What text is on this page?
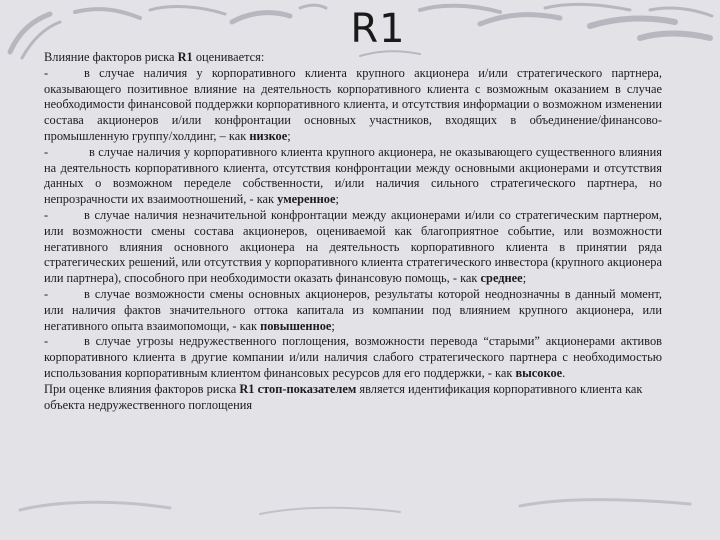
R1

Влияние факторов риска R1 оценивается:

-	в случае наличия у корпоративного клиента крупного акционера и/или стратегического партнера, оказывающего позитивное влияние на деятельность корпоративного клиента с возможным оказанием в случае необходимости финансовой поддержки корпоративного клиента, и отсутствия информации о возможном изменении состава акционеров и/или конфронтации основных участников, входящих в объединение/финансово-промышленную группу/холдинг, – как низкое;

-	в случае наличия у корпоративного клиента крупного акционера, не оказывающего существенного влияния на деятельность корпоративного клиента, отсутствия конфронтации между основными акционерами и отсутствия данных о возможном переделе собственности, и/или наличия сильного стратегического партнера, но непрозрачности их взаимоотношений, - как умеренное;

-	в случае наличия незначительной конфронтации между акционерами и/или со стратегическим партнером, или возможности смены состава акционеров, оцениваемой как благоприятное событие, или возможности негативного влияния основного акционера на деятельность корпоративного клиента в принятии ряда стратегических решений, или отсутствия у корпоративного клиента стратегического инвестора (крупного акционера или партнера), способного при необходимости оказать финансовую помощь, - как среднее;

-	в случае возможности смены основных акционеров, результаты которой неоднозначны в данный момент, или наличия фактов значительного оттока капитала из компании под влиянием крупного акционера, или негативного опыта взаимопомощи, - как повышенное;

-	в случае угрозы недружественного поглощения, возможности перевода “старыми” акционерами активов корпоративного клиента в другие компании и/или наличия слабого стратегического партнера с необходимостью использования корпоративным клиентом финансовых ресурсов для его поддержки, - как высокое.

При оценке влияния факторов риска R1 стоп-показателем является идентификация корпоративного клиента как объекта недружественного поглощения
